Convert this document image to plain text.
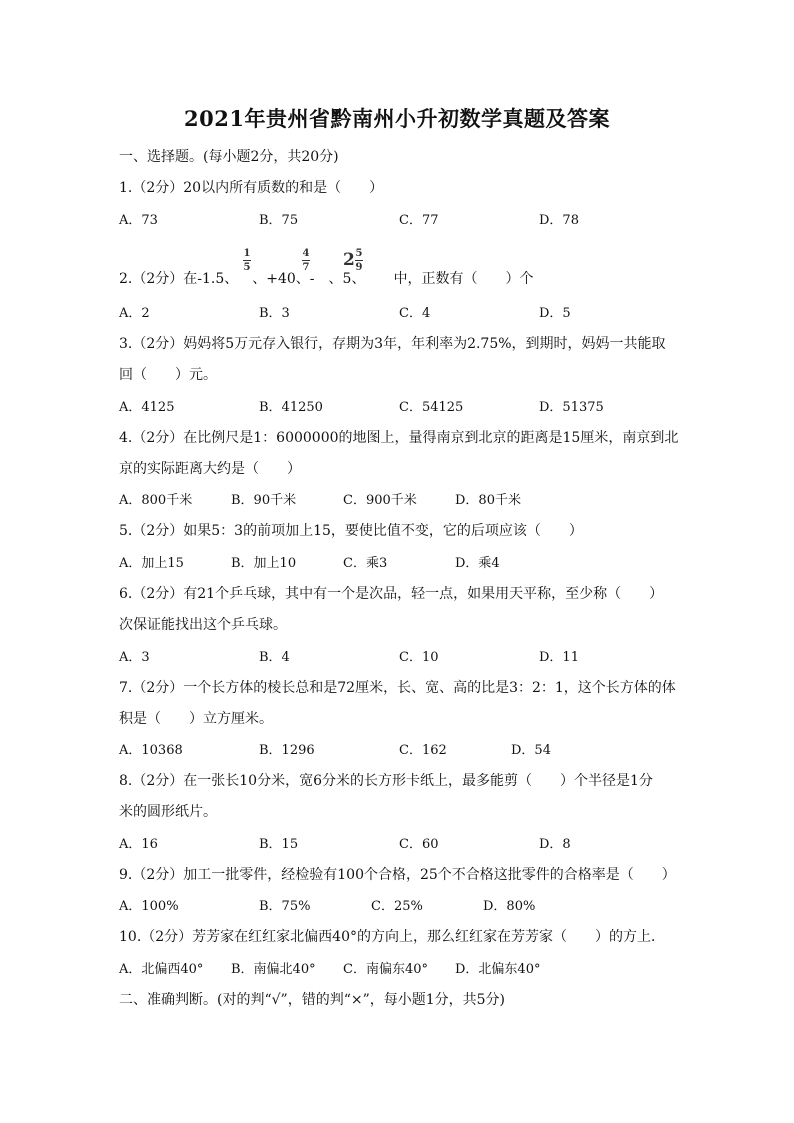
2021年贵州省黔南州小升初数学真题及答案
一、选择题。(每小题2分，共20分)
1.（2分）20以内所有质数的和是（　　）
A．73	B．75	C．77	D．78
2.（2分）在-1.5、 、+40、- 、5、 中，正数有（　　）个
1
5
4
7 2 5
9
A．2	B．3	C．4	D．5
3.（2分）妈妈将5万元存入银行，存期为3年，年利率为2.75%，到期时，妈妈一共能取
回（　　）元。
A．4125	B．41250	C．54125	D．51375
4.（2分）在比例尺是1：6000000的地图上，量得南京到北京的距离是15厘米，南京到北
京的实际距离大约是（　　）
A．800千米	B．90千米	C．900千米	D．80千米
5.（2分）如果5：3的前项加上15，要使比值不变，它的后项应该（　　）
A．加上15	B．加上10	C．乘3	D．乘4
6.（2分）有21个乒乓球，其中有一个是次品，轻一点，如果用天平称，至少称（　　）
次保证能找出这个乒乓球。
A．3	B．4	C．10	D．11
7.（2分）一个长方体的棱长总和是72厘米，长、宽、高的比是3：2：1，这个长方体的体
积是（　　）立方厘米。
A．10368	B．1296	C．162	D．54
8.（2分）在一张长10分米，宽6分米的长方形卡纸上，最多能剪（　　）个半径是1分
米的圆形纸片。
A．16	B．15	C．60	D．8
9.（2分）加工一批零件，经检验有100个合格，25个不合格这批零件的合格率是（　　）
A．100%	B．75%	C．25%	D．80%
10.（2分）芳芳家在红红家北偏西40°的方向上，那么红红家在芳芳家（　　）的方上．
A．北偏西40° B．南偏北40° C．南偏东40° D．北偏东40°
二、准确判断。(对的判“√”，错的判“×”，每小题1分，共5分)
